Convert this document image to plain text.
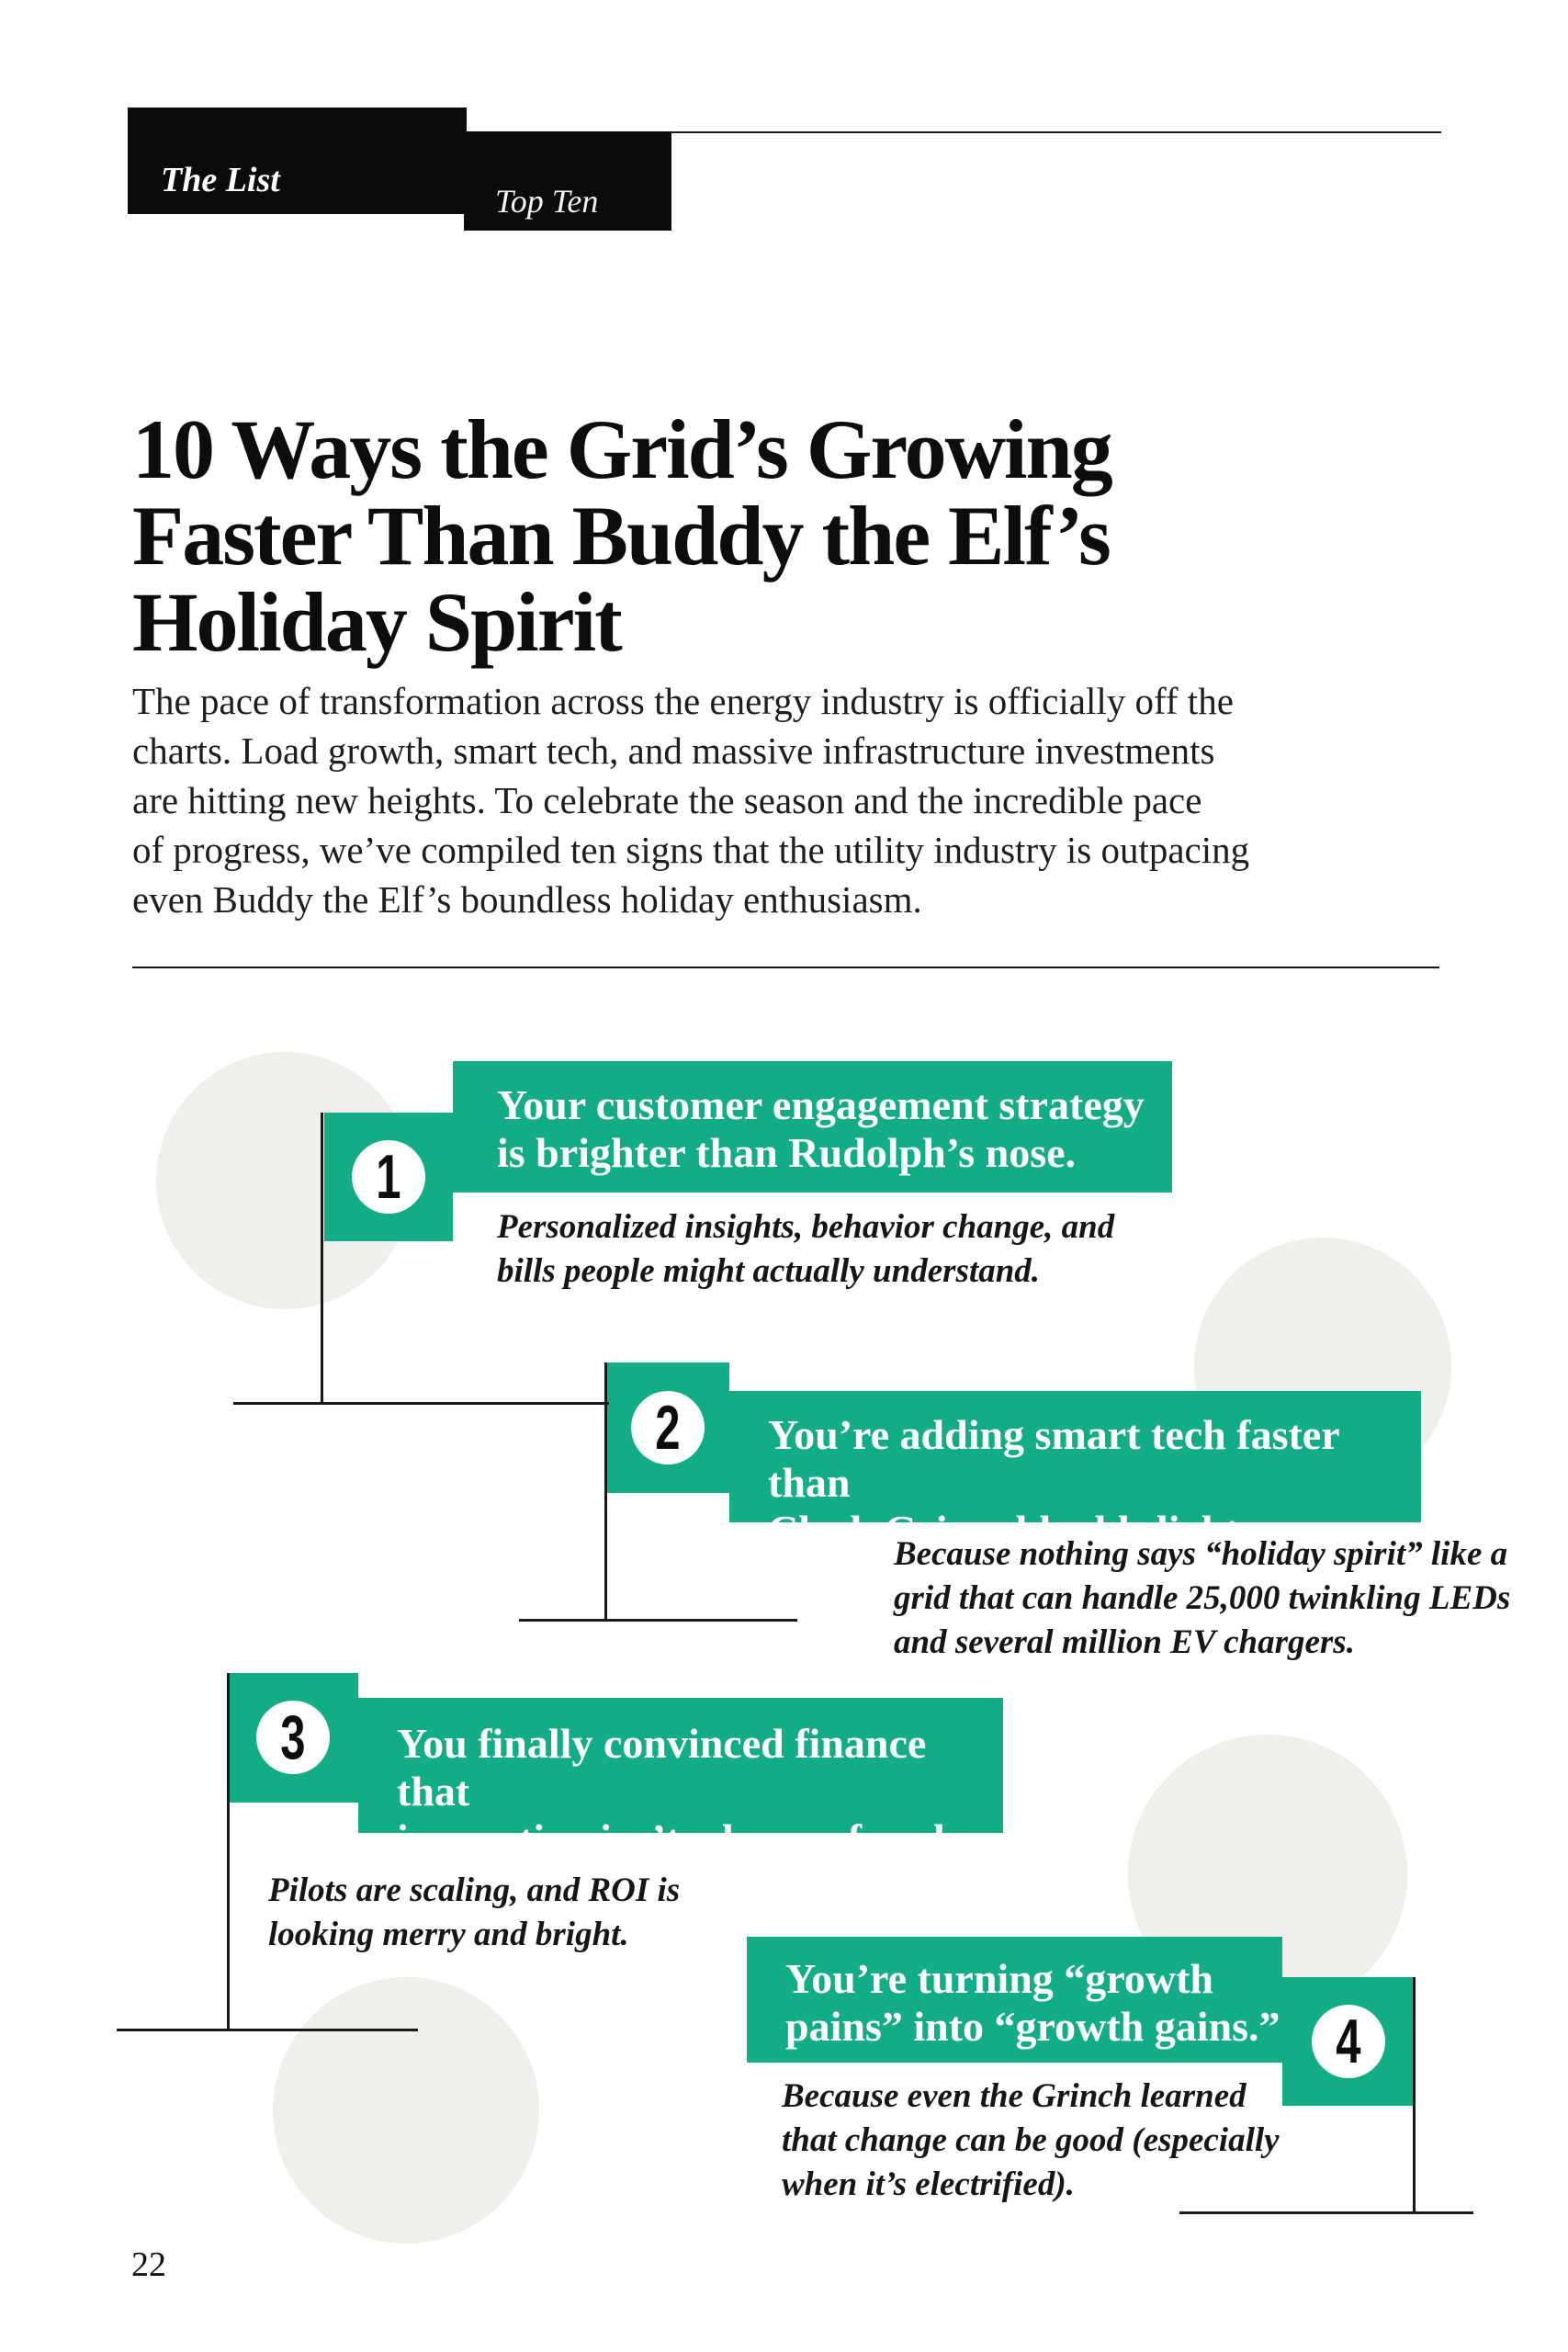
The List

Top Ten

10 Ways the Grid’s Growing
Faster Than Buddy the Elf’s
Holiday Spirit

The pace of transformation across the energy industry is officially off the
charts. Load growth, smart tech, and massive infrastructure investments
are hitting new heights. To celebrate the season and the incredible pace
of progress, we’ve compiled ten signs that the utility industry is outpacing
even Buddy the Elf’s boundless holiday enthusiasm.

1

Your customer engagement strategy
is brighter than Rudolph’s nose.

Personalized insights, behavior change, and
bills people might actually understand.

2 You’re adding smart tech faster than
Clark Griswold adds lights.

Because nothing says “holiday spirit” like a
grid that can handle 25,000 twinkling LEDs
and several million EV chargers.

3 You finally convinced finance that
innovation isn’t a lump of coal.

Pilots are scaling, and ROI is
looking merry and bright.

4

You’re turning “growth
pains” into “growth gains.”

Because even the Grinch learned
that change can be good (especially
when it’s electrified).

22
